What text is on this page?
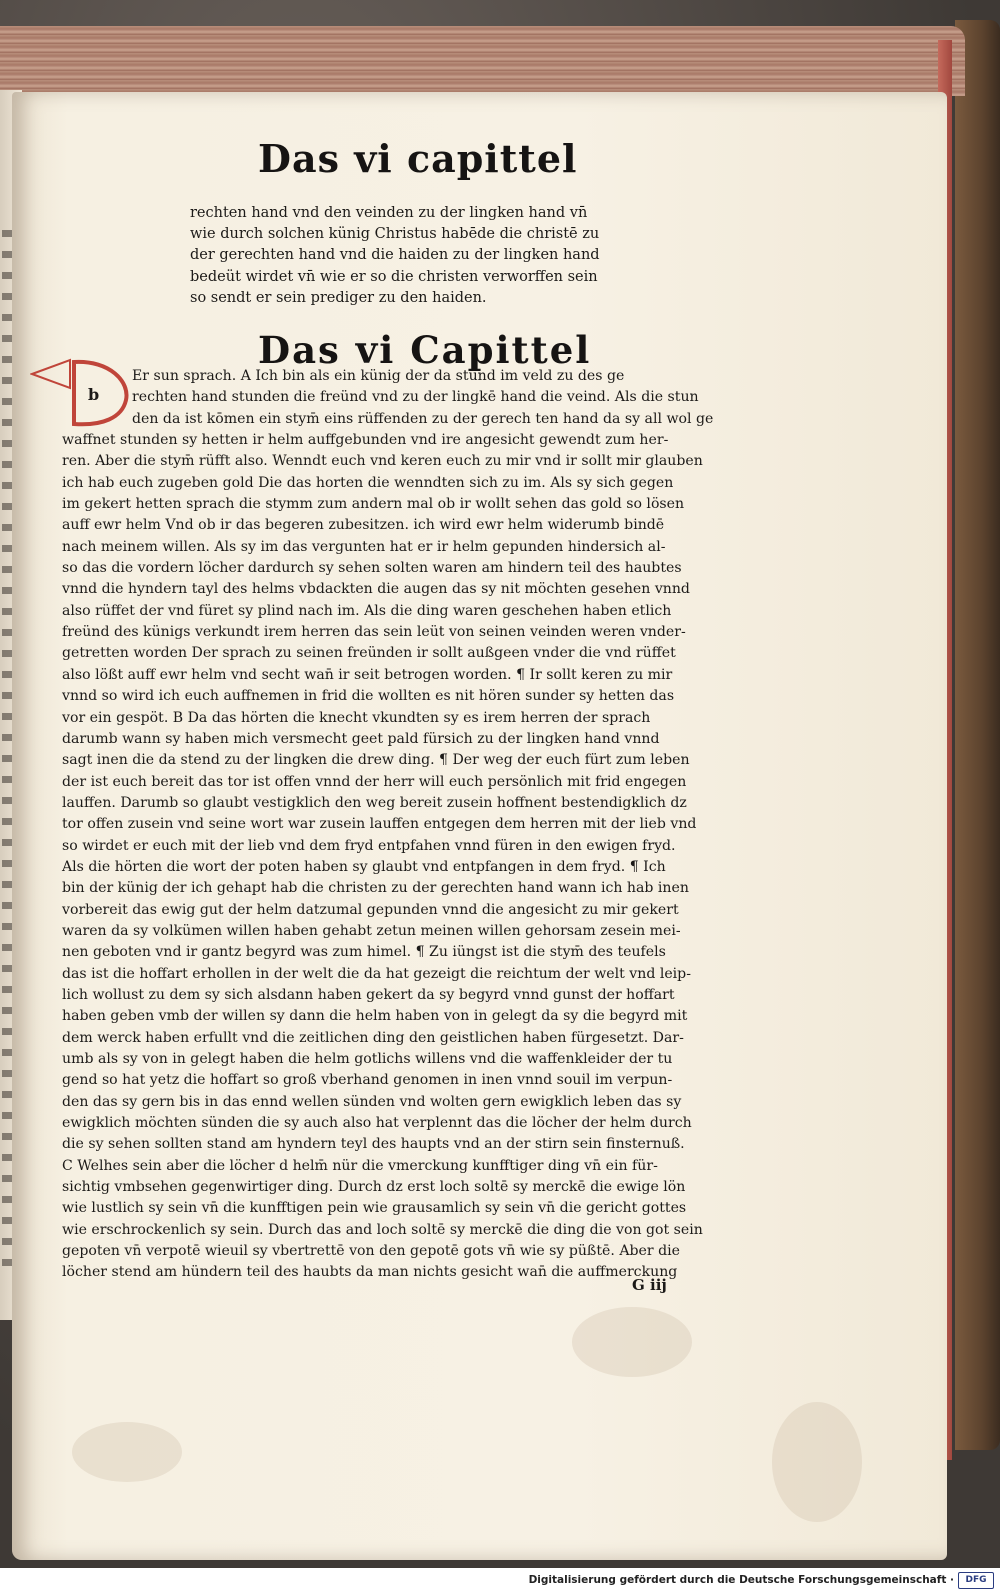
Das vi capittel
rechten hand vnd den veinden zu der lingken hand vn̄
wie durch solchen künig Christus habēde die christē zu
der gerechten hand vnd die haiden zu der lingken hand
bedeüt wirdet vn̄ wie er so die christen verworffen sein
so sendt er sein prediger zu den haiden.
Das vi Capittel
b
Er sun sprach. A Ich bin als ein künig der da stund im veld zu des ge
rechten hand stunden die freünd vnd zu der lingkē hand die veind. Als die stun
den da ist kōmen ein stym̄ eins rüffenden zu der gerech ten hand da sy all wol ge
waffnet stunden sy hetten ir helm auffgebunden vnd ire angesicht gewendt zum her-
ren. Aber die stym̄ rüfft also. Wenndt euch vnd keren euch zu mir vnd ir sollt mir glauben
ich hab euch zugeben gold Die das horten die wenndten sich zu im. Als sy sich gegen
im gekert hetten sprach die stymm zum andern mal ob ir wollt sehen das gold so lösen
auff ewr helm Vnd ob ir das begeren zubesitzen. ich wird ewr helm widerumb bindē
nach meinem willen. Als sy im das vergunten hat er ir helm gepunden hindersich al-
so das die vordern löcher dardurch sy sehen solten waren am hindern teil des haubtes
vnnd die hyndern tayl des helms vbdackten die augen das sy nit möchten gesehen vnnd
also rüffet der vnd füret sy plind nach im. Als die ding waren geschehen haben etlich
freünd des künigs verkundt irem herren das sein leüt von seinen veinden weren vnder-
getretten worden Der sprach zu seinen freünden ir sollt außgeen vnder die vnd rüffet
also lößt auff ewr helm vnd secht wan̄ ir seit betrogen worden. ¶ Ir sollt keren zu mir
vnnd so wird ich euch auffnemen in frid die wollten es nit hören sunder sy hetten das
vor ein gespöt. B Da das hörten die knecht vkundten sy es irem herren der sprach
darumb wann sy haben mich versmecht geet pald fürsich zu der lingken hand vnnd
sagt inen die da stend zu der lingken die drew ding. ¶ Der weg der euch fürt zum leben
der ist euch bereit das tor ist offen vnnd der herr will euch persönlich mit frid engegen
lauffen. Darumb so glaubt vestigklich den weg bereit zusein hoffnent bestendigklich dz
tor offen zusein vnd seine wort war zusein lauffen entgegen dem herren mit der lieb vnd
so wirdet er euch mit der lieb vnd dem fryd entpfahen vnnd füren in den ewigen fryd.
Als die hörten die wort der poten haben sy glaubt vnd entpfangen in dem fryd. ¶ Ich
bin der künig der ich gehapt hab die christen zu der gerechten hand wann ich hab inen
vorbereit das ewig gut der helm datzumal gepunden vnnd die angesicht zu mir gekert
waren da sy volkümen willen haben gehabt zetun meinen willen gehorsam zesein mei-
nen geboten vnd ir gantz begyrd was zum himel. ¶ Zu iüngst ist die stym̄ des teufels
das ist die hoffart erhollen in der welt die da hat gezeigt die reichtum der welt vnd leip-
lich wollust zu dem sy sich alsdann haben gekert da sy begyrd vnnd gunst der hoffart
haben geben vmb der willen sy dann die helm haben von in gelegt da sy die begyrd mit
dem werck haben erfullt vnd die zeitlichen ding den geistlichen haben fürgesetzt. Dar-
umb als sy von in gelegt haben die helm gotlichs willens vnd die waffenkleider der tu
gend so hat yetz die hoffart so groß vberhand genomen in inen vnnd souil im verpun-
den das sy gern bis in das ennd wellen sünden vnd wolten gern ewigklich leben das sy
ewigklich möchten sünden die sy auch also hat verplennt das die löcher der helm durch
die sy sehen sollten stand am hyndern teyl des haupts vnd an der stirn sein finsternuß.
C Welhes sein aber die löcher d helm̄ nür die vmerckung kunfftiger ding vn̄ ein für-
sichtig vmbsehen gegenwirtiger ding. Durch dz erst loch soltē sy merckē die ewige lön
wie lustlich sy sein vn̄ die kunfftigen pein wie grausamlich sy sein vn̄ die gericht gottes
wie erschrockenlich sy sein. Durch das and loch soltē sy merckē die ding die von got sein
gepoten vn̄ verpotē wieuil sy vbertrettē von den gepotē gots vn̄ wie sy püßtē. Aber die
löcher stend am hündern teil des haubts da man nichts gesicht wan̄ die auffmerckung
G iij
Digitalisierung gefördert durch die Deutsche Forschungsgemeinschaft ·	DFG
